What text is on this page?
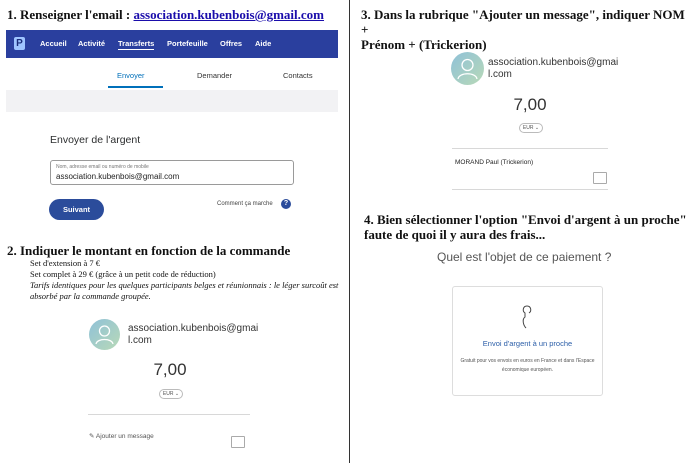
1. Renseigner l'email : association.kubenbois@gmail.com
P Accueil Activité Transferts Portefeuille Offres Aide
Envoyer	Demander	Contacts
Envoyer de l'argent
Nom, adresse email ou numéro de mobile
association.kubenbois@gmail.com
Suivant
Comment ça marche	?
2. Indiquer le montant en fonction de la commande
Set d'extension à 7 €
Set complet à 29 € (grâce à un petit code de réduction)
Tarifs identiques pour les quelques participants belges et réunionnais : le léger surcoût est absorbé par la commande groupée.
association.kubenbois@gmai
l.com
7,00
EUR ⌄
✎ Ajouter un message
3. Dans la rubrique "Ajouter un message", indiquer NOM +
Prénom + (Trickerion)
association.kubenbois@gmai
l.com
7,00
EUR ⌄
MORAND Paul (Trickerion)
4. Bien sélectionner l'option "Envoi d'argent à un proche"
faute de quoi il y aura des frais...
Quel est l'objet de ce paiement ?
Envoi d'argent à un proche
Gratuit pour vos envois en euros en France et dans l'Espace économique européen.
